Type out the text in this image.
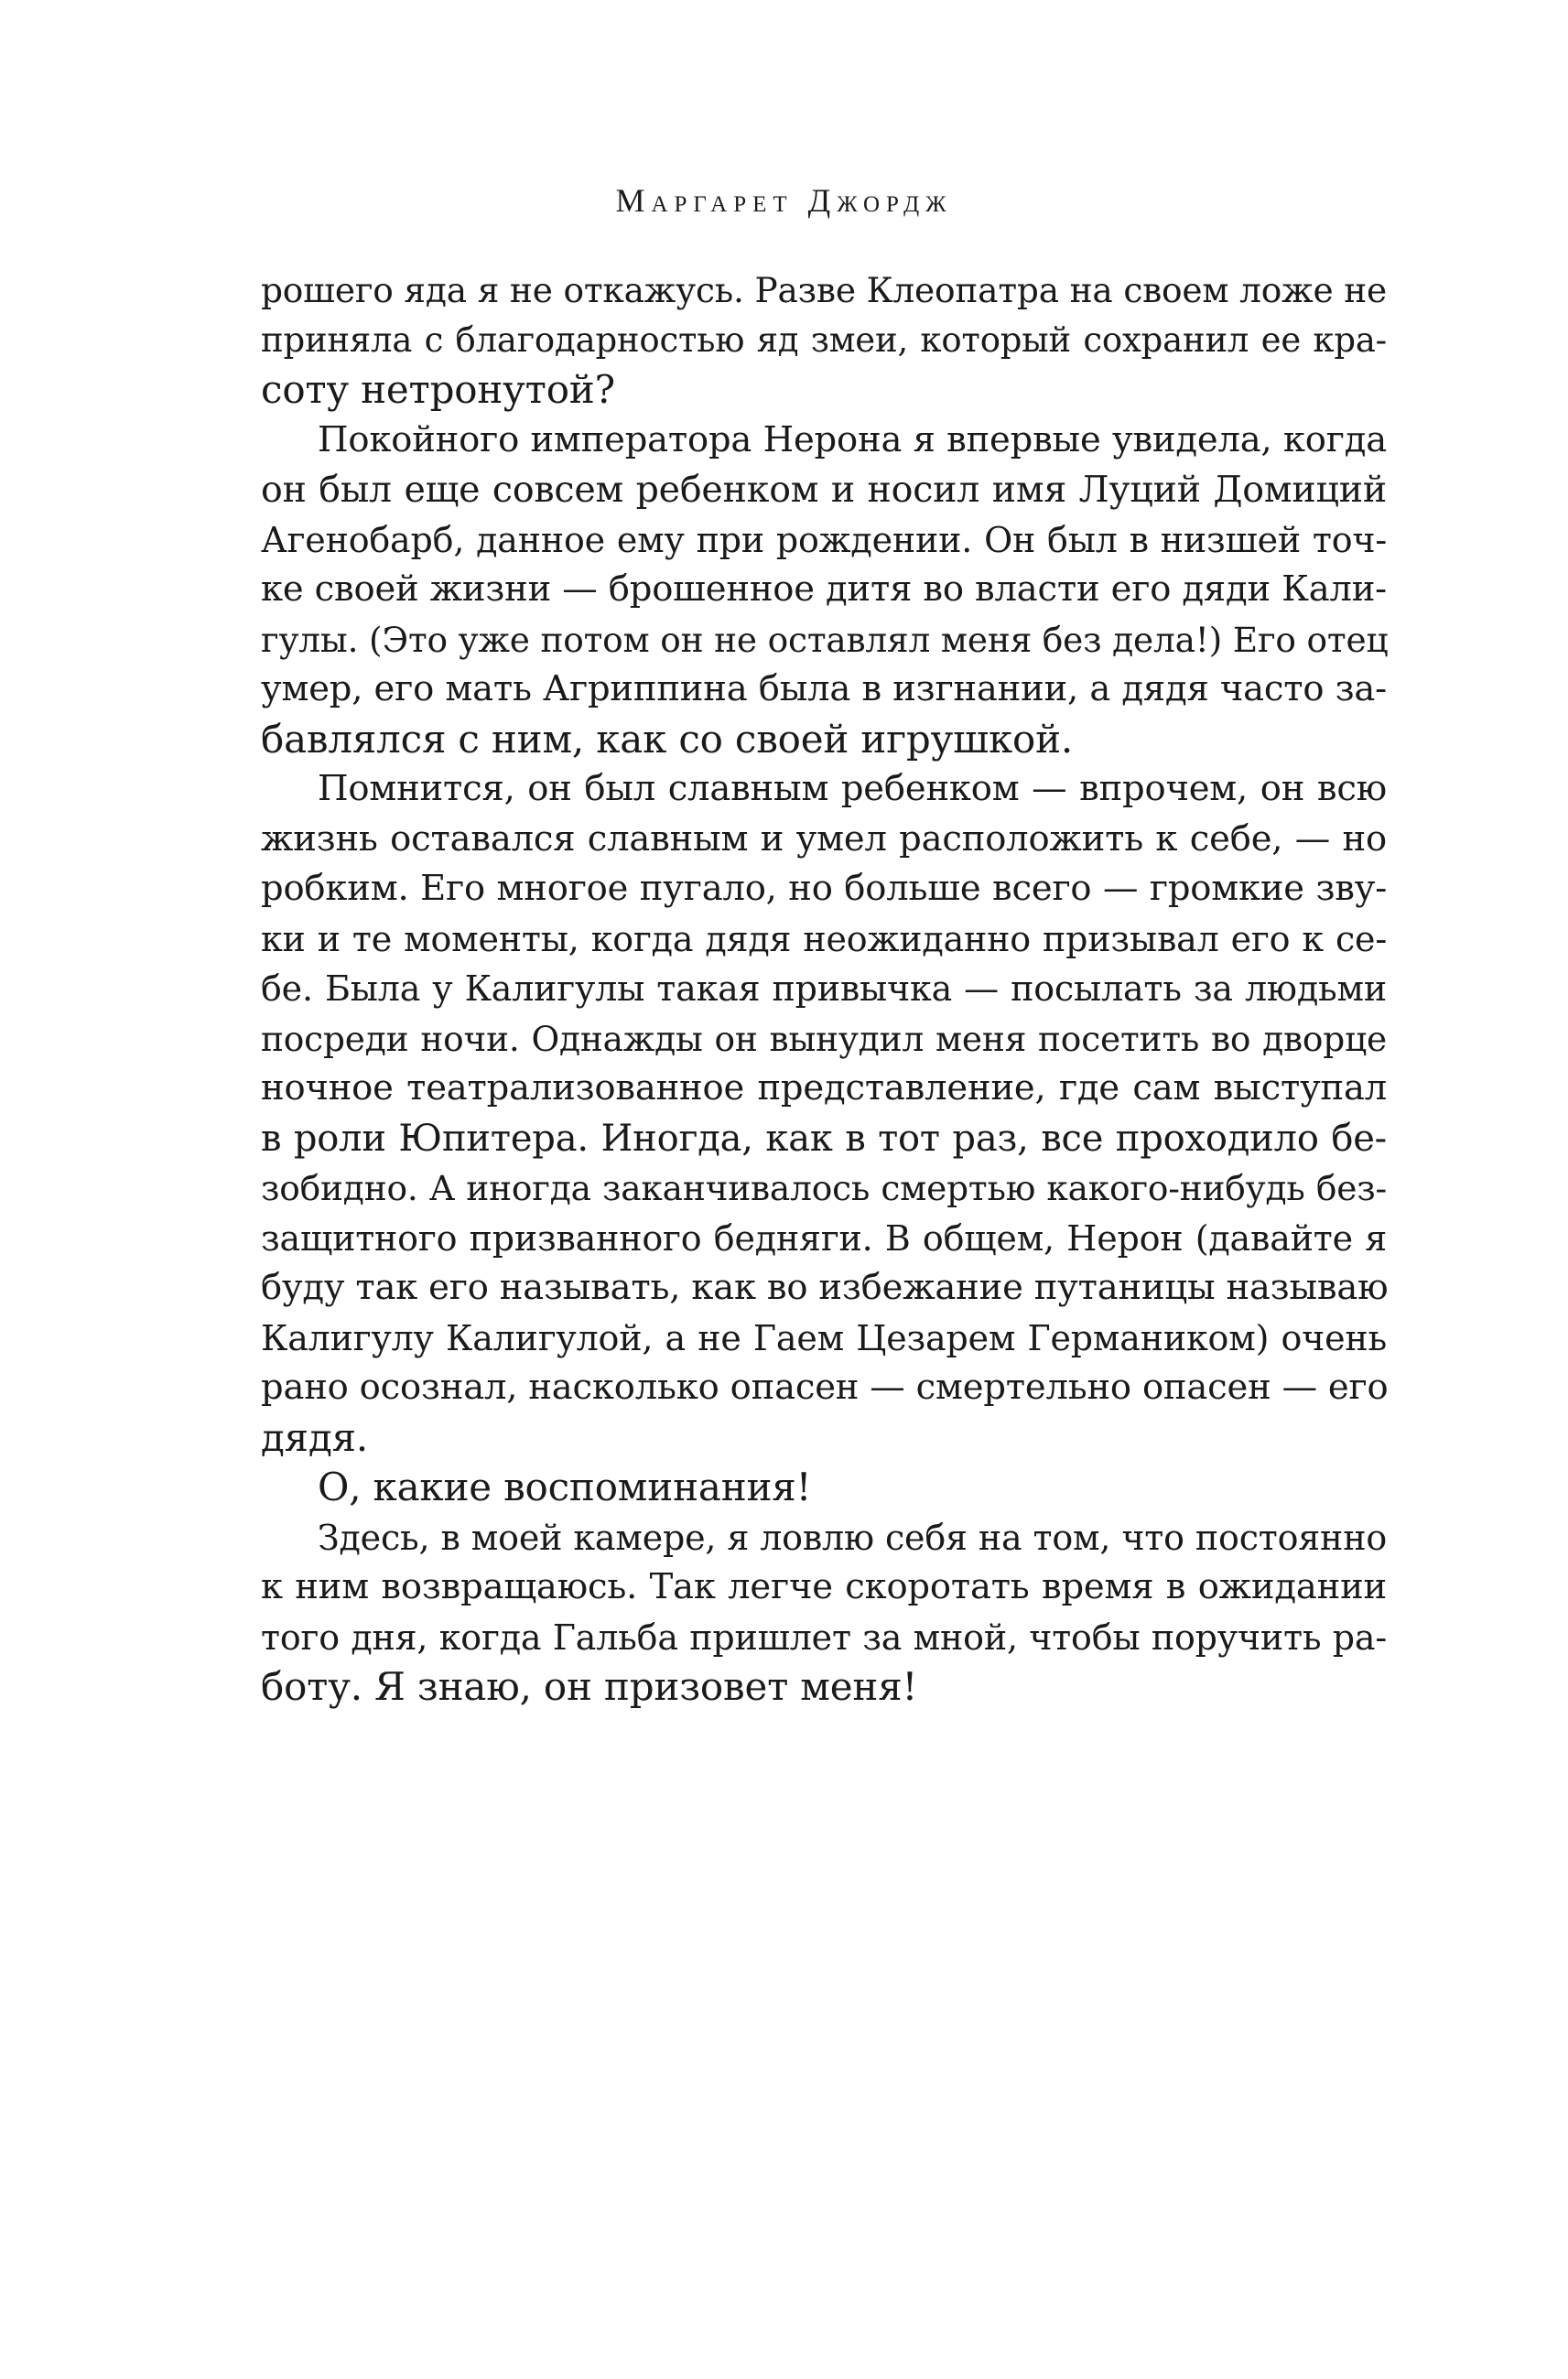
Маргарет Джордж
рошего яда я не откажусь. Разве Клеопатра на своем ложе не
приняла с благодарностью яд змеи, который сохранил ее кра-
соту нетронутой?
Покойного императора Нерона я впервые увидела, когда
он был еще совсем ребенком и носил имя Луций Домиций
Агенобарб, данное ему при рождении. Он был в низшей точ-
ке своей жизни — брошенное дитя во власти его дяди Кали-
гулы. (Это уже потом он не оставлял меня без дела!) Его отец
умер, его мать Агриппина была в изгнании, а дядя часто за-
бавлялся с ним, как со своей игрушкой.
Помнится, он был славным ребенком — впрочем, он всю
жизнь оставался славным и умел расположить к себе, — но
робким. Его многое пугало, но больше всего — громкие зву-
ки и те моменты, когда дядя неожиданно призывал его к се-
бе. Была у Калигулы такая привычка — посылать за людьми
посреди ночи. Однажды он вынудил меня посетить во дворце
ночное театрализованное представление, где сам выступал
в роли Юпитера. Иногда, как в тот раз, все проходило бе-
зобидно. А иногда заканчивалось смертью какого-нибудь без-
защитного призванного бедняги. В общем, Нерон (давайте я
буду так его называть, как во избежание путаницы называю
Калигулу Калигулой, а не Гаем Цезарем Германиком) очень
рано осознал, насколько опасен — смертельно опасен — его
дядя.
О, какие воспоминания!
Здесь, в моей камере, я ловлю себя на том, что постоянно
к ним возвращаюсь. Так легче скоротать время в ожидании
того дня, когда Гальба пришлет за мной, чтобы поручить ра-
боту. Я знаю, он призовет меня!
